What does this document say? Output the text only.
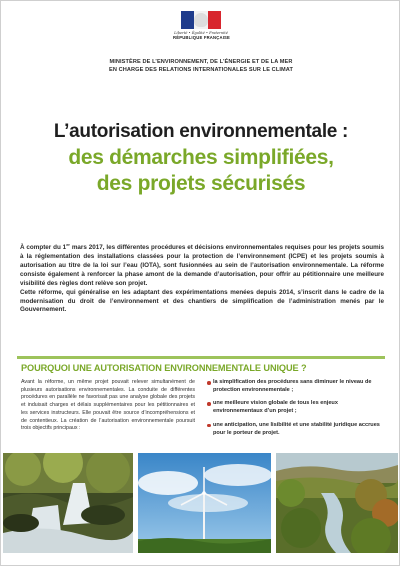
Liberté • Égalité • Fraternité
RÉPUBLIQUE FRANÇAISE
MINISTÈRE DE L’ENVIRONNEMENT, DE L’ÉNERGIE ET DE LA MER
EN CHARGE DES RELATIONS INTERNATIONALES SUR LE CLIMAT
L’autorisation environnementale :
des démarches simplifiées,
des projets sécurisés

À compter du 1er mars 2017, les différentes procédures et décisions environnementales requises pour les projets soumis à la réglementation des installations classées pour la protection de l’environnement (ICPE) et les projets soumis à autorisation au titre de la loi sur l’eau (IOTA), sont fusionnées au sein de l’autorisation environnementale. La réforme consiste également à renforcer la phase amont de la demande d’autorisation, pour offrir au pétitionnaire une meilleure visibilité des règles dont relève son projet.

Cette réforme, qui généralise en les adaptant des expérimentations menées depuis 2014, s’inscrit dans le cadre de la modernisation du droit de l’environnement et des chantiers de simplification de l’administration menés par le Gouvernement.

POURQUOI UNE AUTORISATION ENVIRONNEMENTALE UNIQUE ?
Avant la réforme, un même projet pouvait relever simultanément de plusieurs autorisations environnementales. La conduite de différentes procédures en parallèle ne favorisait pas une analyse globale des projets et induisait charges et délais supplémentaires pour les pétitionnaires et les services instructeurs. Elle pouvait être source d’incompréhensions et de contentieux. La création de l’autorisation environnementale poursuit trois objectifs principaux :
la simplification des procédures sans diminuer le niveau de protection environnementale ;
une meilleure vision globale de tous les enjeux environnementaux d’un projet ;
une anticipation, une lisibilité et une stabilité juridique accrues pour le porteur de projet.
